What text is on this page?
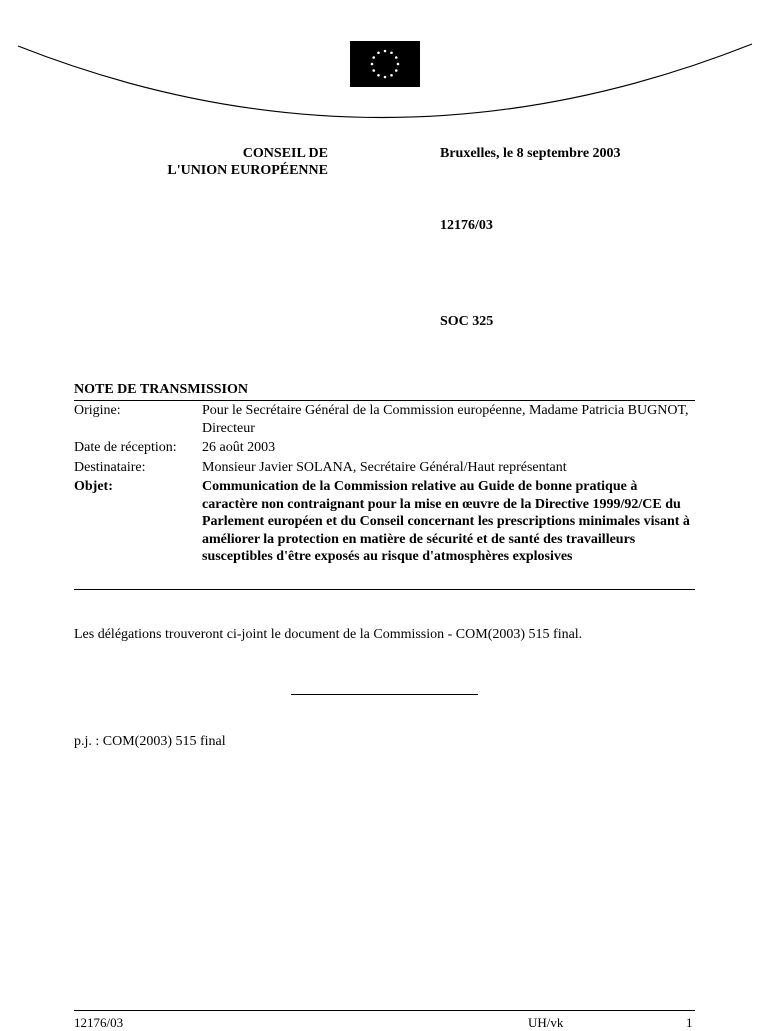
CONSEIL DE
L'UNION EUROPÉENNE
Bruxelles, le 8 septembre 2003
12176/03
SOC 325
NOTE DE TRANSMISSION
Origine:	Pour le Secrétaire Général de la Commission européenne, Madame Patricia BUGNOT, Directeur
Date de réception:	26 août 2003
Destinataire:	Monsieur Javier SOLANA, Secrétaire Général/Haut représentant
Objet:	Communication de la Commission relative au Guide de bonne pratique à caractère non contraignant pour la mise en œuvre de la Directive 1999/92/CE du Parlement européen et du Conseil concernant les prescriptions minimales visant à améliorer la protection en matière de sécurité et de santé des travailleurs susceptibles d'être exposés au risque d'atmosphères explosives
Les délégations trouveront ci-joint le document de la Commission - COM(2003) 515 final.
p.j. : COM(2003) 515 final
12176/03	UH/vk	1
